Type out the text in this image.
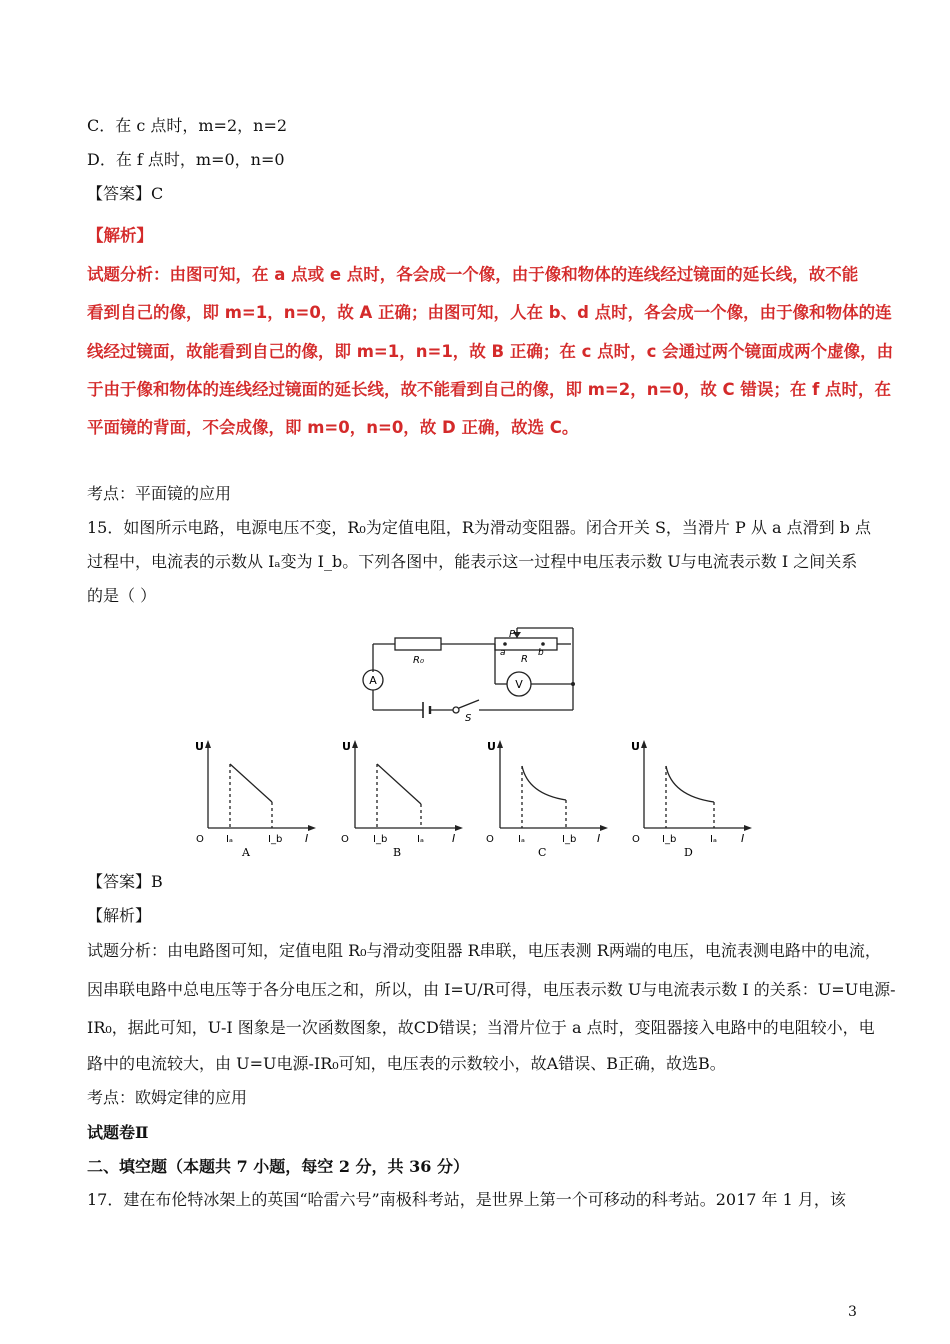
C．在 c 点时，m=2，n=2
D．在 f 点时，m=0，n=0
【答案】C
【解析】
试题分析：由图可知，在 a 点或 e 点时，各会成一个像，由于像和物体的连线经过镜面的延长线，故不能
看到自己的像，即 m=1，n=0，故 A 正确；由图可知，人在 b、d 点时，各会成一个像，由于像和物体的连
线经过镜面，故能看到自己的像，即 m=1，n=1，故 B 正确；在 c 点时，c 会通过两个镜面成两个虚像，由
于由于像和物体的连线经过镜面的延长线，故不能看到自己的像，即 m=2，n=0，故 C 错误；在 f 点时，在
平面镜的背面，不会成像，即 m=0，n=0，故 D 正确，故选 C。
考点：平面镜的应用
15．如图所示电路，电源电压不变，R₀为定值电阻，R为滑动变阻器。闭合开关 S，当滑片 P 从 a 点滑到 b 点
过程中，电流表的示数从 Iₐ变为 I_b。下列各图中，能表示这一过程中电压表示数 U与电流表示数 I 之间关系
的是（ ）
A	V
R₀	R
P
a	b
S
U
I
O Iₐ	I_b
A
U
I
O I_b	Iₐ
B
U
I
O Iₐ	I_b
C
U
I
O I_b	Iₐ
D
【答案】B
【解析】
试题分析：由电路图可知，定值电阻 R₀与滑动变阻器 R串联，电压表测 R两端的电压，电流表测电路中的电流，
因串联电路中总电压等于各分电压之和，所以，由 I=U/R可得，电压表示数 U与电流表示数 I 的关系：U=U电源-
IR₀，据此可知，U-I 图象是一次函数图象，故CD错误；当滑片位于 a 点时，变阻器接入电路中的电阻较小，电
路中的电流较大，由 U=U电源-IR₀可知，电压表的示数较小，故A错误、B正确，故选B。
考点：欧姆定律的应用
试题卷Ⅱ
二、填空题（本题共 7 小题，每空 2 分，共 36 分）
17．建在布伦特冰架上的英国“哈雷六号”南极科考站，是世界上第一个可移动的科考站。2017 年 1 月，该
3
